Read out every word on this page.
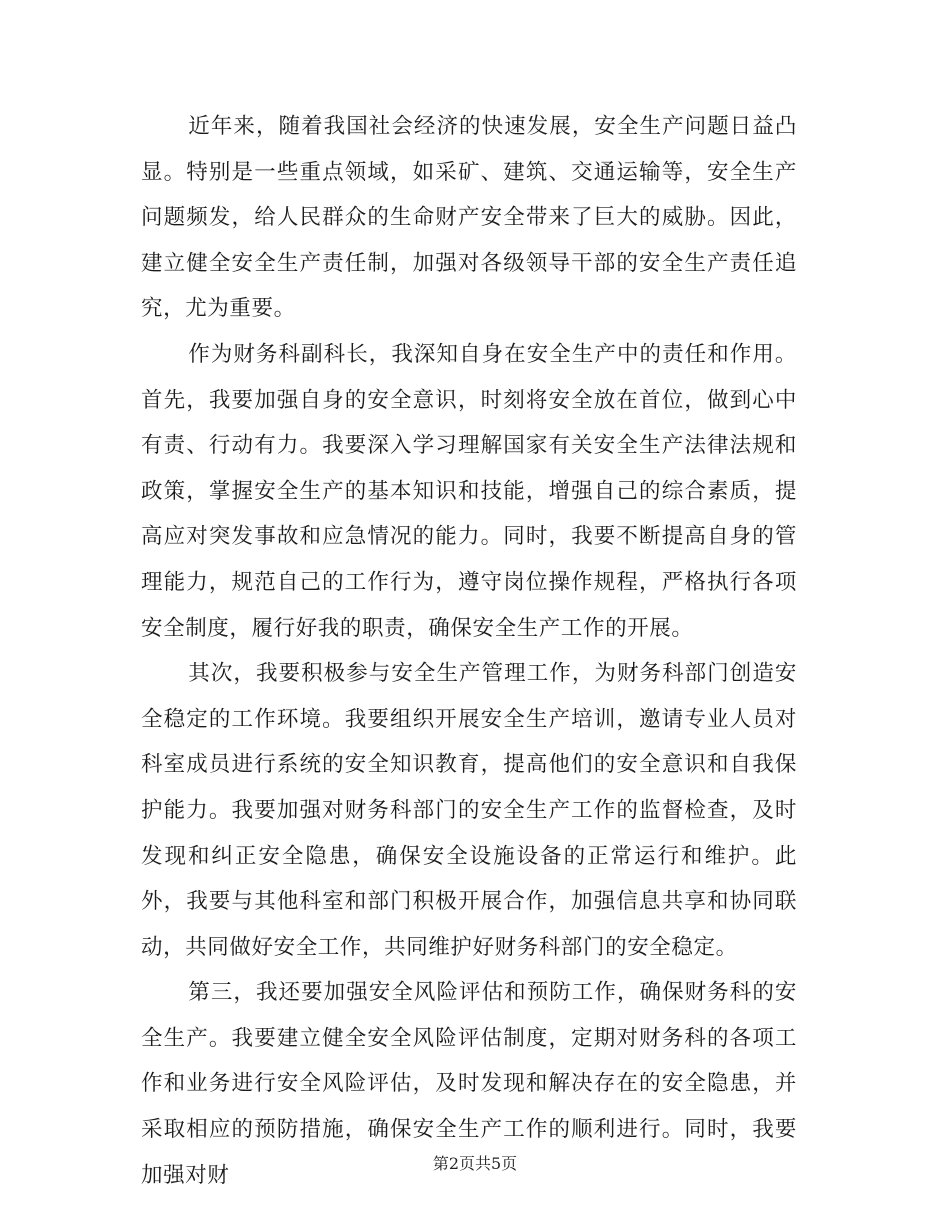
近年来，随着我国社会经济的快速发展，安全生产问题日益凸显。特别是一些重点领域，如采矿、建筑、交通运输等，安全生产问题频发，给人民群众的生命财产安全带来了巨大的威胁。因此，建立健全安全生产责任制，加强对各级领导干部的安全生产责任追究，尤为重要。

作为财务科副科长，我深知自身在安全生产中的责任和作用。首先，我要加强自身的安全意识，时刻将安全放在首位，做到心中有责、行动有力。我要深入学习理解国家有关安全生产法律法规和政策，掌握安全生产的基本知识和技能，增强自己的综合素质，提高应对突发事故和应急情况的能力。同时，我要不断提高自身的管理能力，规范自己的工作行为，遵守岗位操作规程，严格执行各项安全制度，履行好我的职责，确保安全生产工作的开展。

其次，我要积极参与安全生产管理工作，为财务科部门创造安全稳定的工作环境。我要组织开展安全生产培训，邀请专业人员对科室成员进行系统的安全知识教育，提高他们的安全意识和自我保护能力。我要加强对财务科部门的安全生产工作的监督检查，及时发现和纠正安全隐患，确保安全设施设备的正常运行和维护。此外，我要与其他科室和部门积极开展合作，加强信息共享和协同联动，共同做好安全工作，共同维护好财务科部门的安全稳定。

第三，我还要加强安全风险评估和预防工作，确保财务科的安全生产。我要建立健全安全风险评估制度，定期对财务科的各项工作和业务进行安全风险评估，及时发现和解决存在的安全隐患，并采取相应的预防措施，确保安全生产工作的顺利进行。同时，我要加强对财	第2页共5页
